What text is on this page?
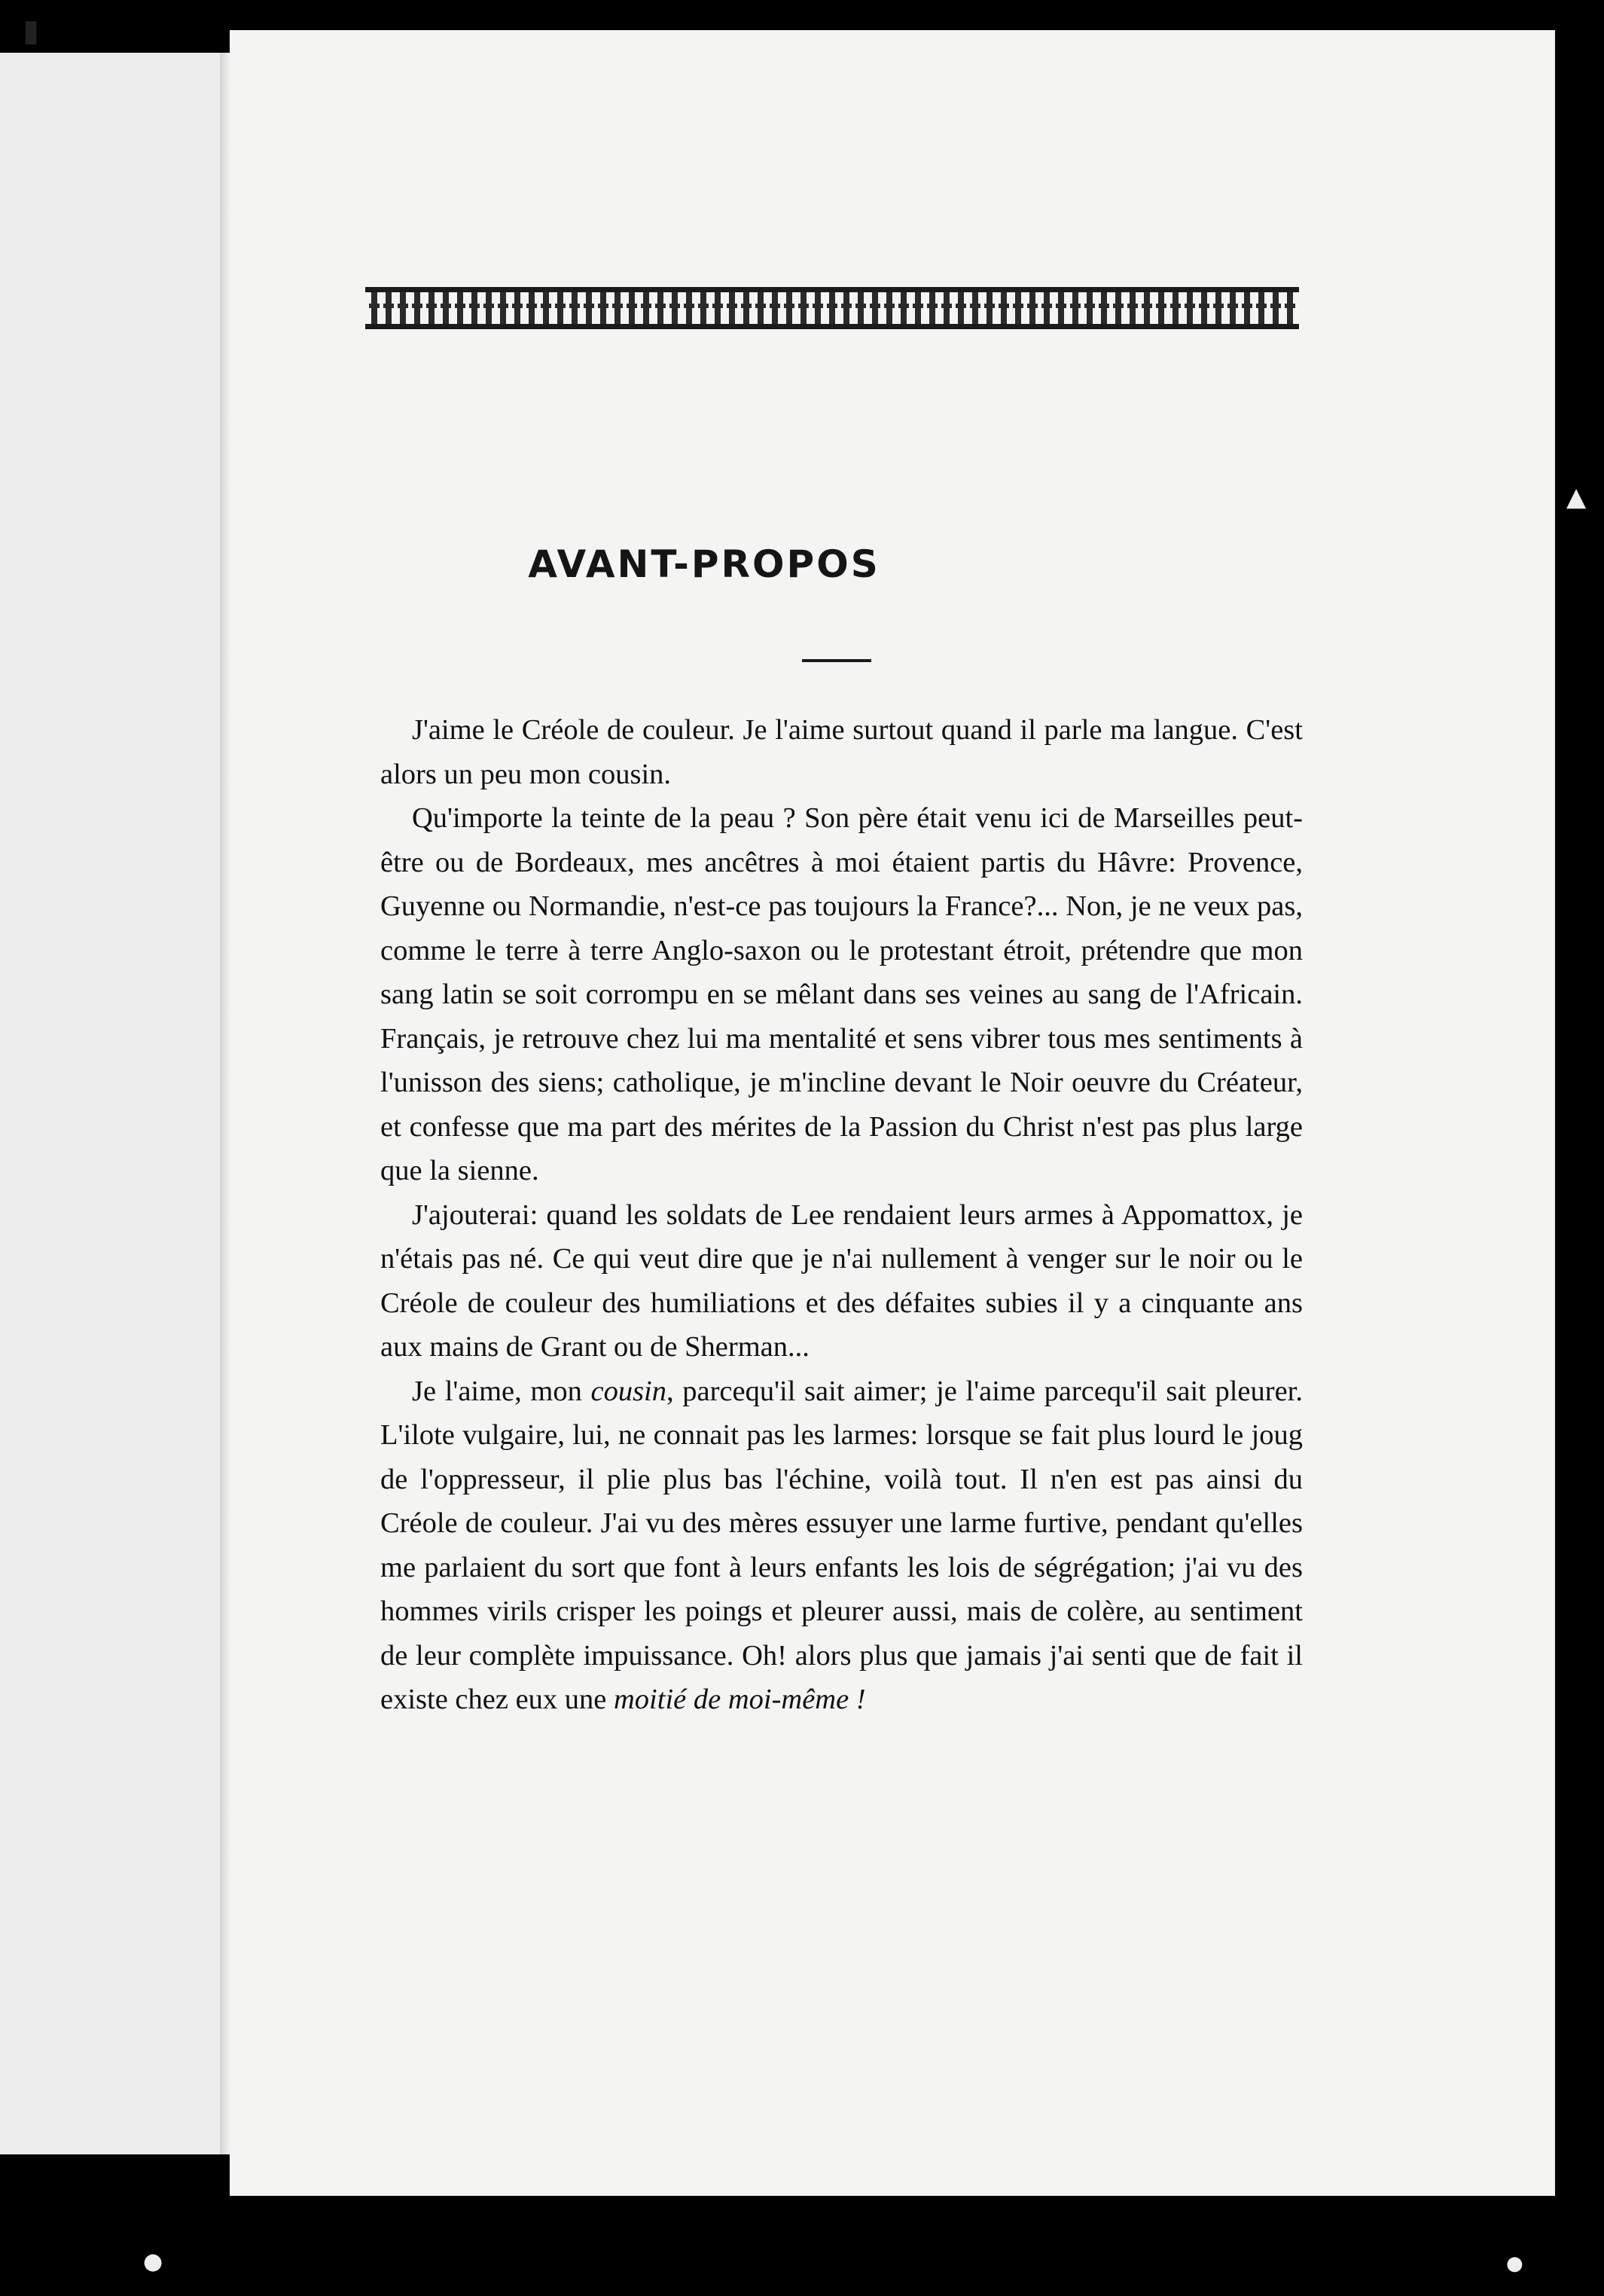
AVANT-PROPOS

J'aime le Créole de couleur. Je l'aime surtout quand il parle ma langue. C'est alors un peu mon cousin.

Qu'importe la teinte de la peau ? Son père était venu ici de Marseilles peut-être ou de Bordeaux, mes ancêtres à moi étaient partis du Hâvre: Provence, Guyenne ou Normandie, n'est-ce pas toujours la France?... Non, je ne veux pas, comme le terre à terre Anglo-saxon ou le protestant étroit, prétendre que mon sang latin se soit corrompu en se mêlant dans ses veines au sang de l'Africain. Français, je retrouve chez lui ma mentalité et sens vibrer tous mes sentiments à l'unisson des siens; catholique, je m'incline devant le Noir oeuvre du Créateur, et confesse que ma part des mérites de la Passion du Christ n'est pas plus large que la sienne.

J'ajouterai: quand les soldats de Lee rendaient leurs armes à Appomattox, je n'étais pas né. Ce qui veut dire que je n'ai nullement à venger sur le noir ou le Créole de couleur des humiliations et des défaites subies il y a cinquante ans aux mains de Grant ou de Sherman...

Je l'aime, mon cousin, parcequ'il sait aimer; je l'aime parcequ'il sait pleurer. L'ilote vulgaire, lui, ne connait pas les larmes: lorsque se fait plus lourd le joug de l'oppresseur, il plie plus bas l'échine, voilà tout. Il n'en est pas ainsi du Créole de couleur. J'ai vu des mères essuyer une larme furtive, pendant qu'elles me parlaient du sort que font à leurs enfants les lois de ségrégation; j'ai vu des hommes virils crisper les poings et pleurer aussi, mais de colère, au sentiment de leur complète impuissance. Oh! alors plus que jamais j'ai senti que de fait il existe chez eux une moitié de moi-même !

▮
▲
●	●
